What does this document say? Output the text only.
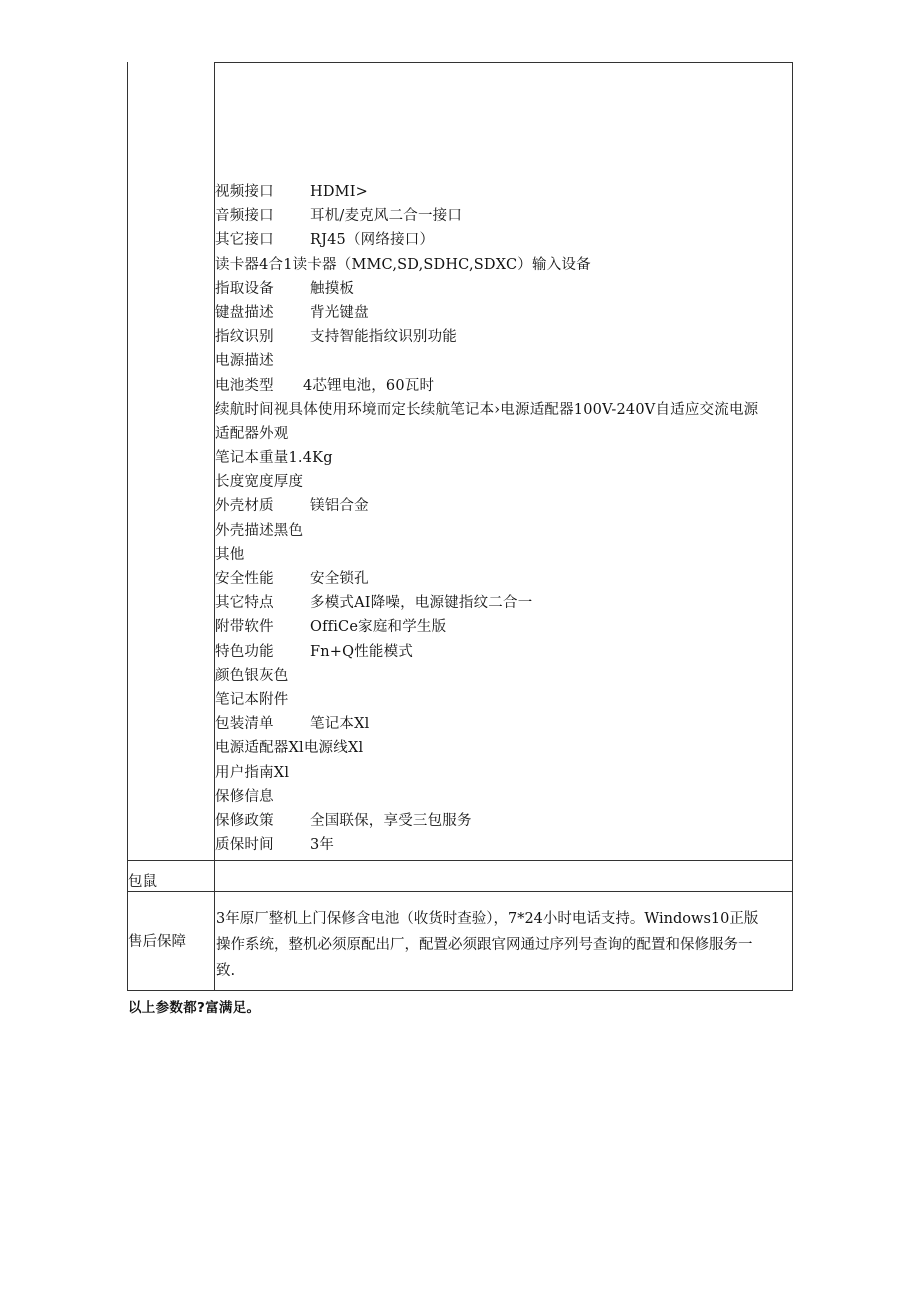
视频接口 HDMI>
音频接口 耳机/麦克风二合一接口
其它接口 RJ45（网络接口）
读卡器4合1读卡器（MMC,SD,SDHC,SDXC）输入设备
指取设备 触摸板
键盘描述 背光键盘
指纹识别 支持智能指纹识别功能
电源描述
电池类型 4芯锂电池，60瓦时
续航时间视具体使用环境而定长续航笔记本›电源适配器100V-240V自适应交流电源
适配器外观
笔记本重量1.4Kg
长度宽度厚度
外壳材质 镁铝合金
外壳描述黑色
其他
安全性能 安全锁孔
其它特点 多模式AI降噪，电源键指纹二合一
附带软件 OffiCe家庭和学生版
特色功能 Fn+Q性能模式
颜色银灰色
笔记本附件
包装清单 笔记本Xl
电源适配器Xl电源线Xl
用户指南Xl
保修信息
保修政策 全国联保，享受三包服务
质保时间 3年
包鼠
售后保障
3年原厂整机上门保修含电池（收货时查验），7*24小时电话支持。Windows10正版
操作系统，整机必须原配出厂，配置必须跟官网通过序列号查询的配置和保修服务一
致.
以上参数都?富满足。
